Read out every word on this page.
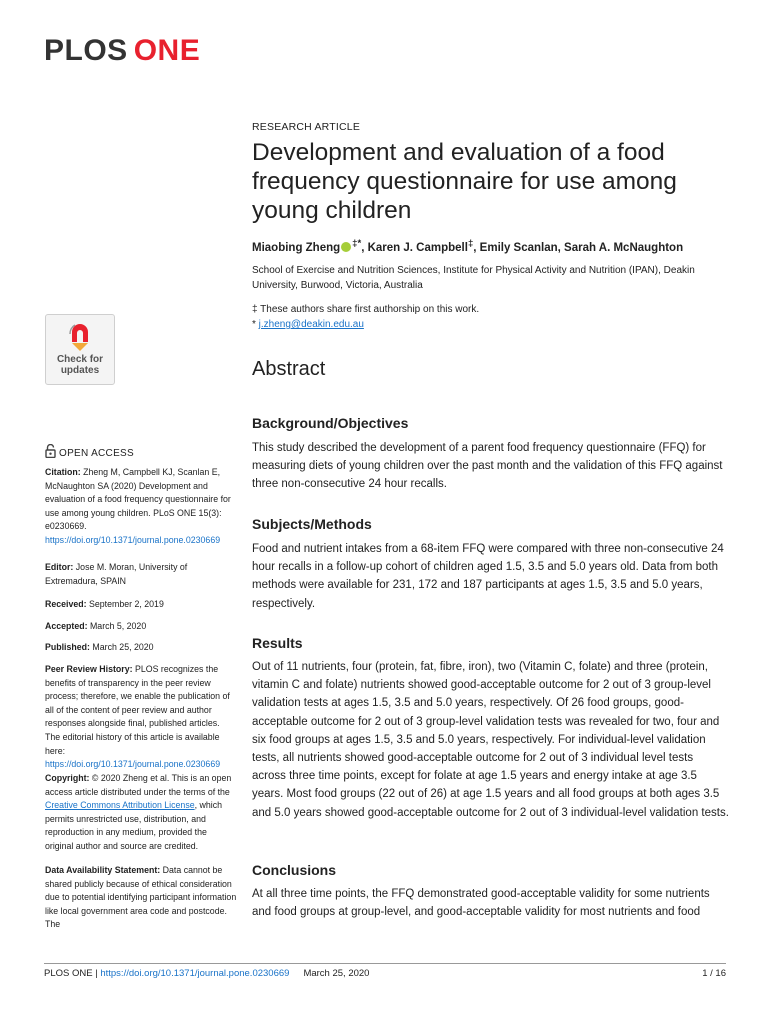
PLOS ONE
RESEARCH ARTICLE
Development and evaluation of a food frequency questionnaire for use among young children
Miaobing Zheng ‡*, Karen J. Campbell‡, Emily Scanlan, Sarah A. McNaughton
School of Exercise and Nutrition Sciences, Institute for Physical Activity and Nutrition (IPAN), Deakin University, Burwood, Victoria, Australia
‡ These authors share first authorship on this work.
* j.zheng@deakin.edu.au
Check for
updates	Abstract
Background/Objectives
This study described the development of a parent food frequency questionnaire (FFQ) for measuring diets of young children over the past month and the validation of this FFQ against three non-consecutive 24 hour recalls.
Subjects/Methods
Food and nutrient intakes from a 68-item FFQ were compared with three non-consecutive 24 hour recalls in a follow-up cohort of children aged 1.5, 3.5 and 5.0 years old. Data from both methods were available for 231, 172 and 187 participants at ages 1.5, 3.5 and 5.0 years, respectively.
Results
Out of 11 nutrients, four (protein, fat, fibre, iron), two (Vitamin C, folate) and three (protein, vitamin C and folate) nutrients showed good-acceptable outcome for 2 out of 3 group-level validation tests at ages 1.5, 3.5 and 5.0 years, respectively. Of 26 food groups, good-acceptable outcome for 2 out of 3 group-level validation tests was revealed for two, four and six food groups at ages 1.5, 3.5 and 5.0 years, respectively. For individual-level validation tests, all nutrients showed good-acceptable outcome for 2 out of 3 individual level tests across three time points, except for folate at age 1.5 years and energy intake at age 3.5 years. Most food groups (22 out of 26) at age 1.5 years and all food groups at both ages 3.5 and 5.0 years showed good-acceptable outcome for 2 out of 3 individual-level validation tests.
Conclusions
At all three time points, the FFQ demonstrated good-acceptable validity for some nutrients and food groups at group-level, and good-acceptable validity for most nutrients and food
OPEN ACCESS
Citation: Zheng M, Campbell KJ, Scanlan E, McNaughton SA (2020) Development and evaluation of a food frequency questionnaire for use among young children. PLoS ONE 15(3): e0230669. https://doi.org/10.1371/journal.pone.0230669
Editor: Jose M. Moran, University of Extremadura, SPAIN
Received: September 2, 2019
Accepted: March 5, 2020
Published: March 25, 2020
Peer Review History: PLOS recognizes the benefits of transparency in the peer review process; therefore, we enable the publication of all of the content of peer review and author responses alongside final, published articles. The editorial history of this article is available here: https://doi.org/10.1371/journal.pone.0230669
Copyright: © 2020 Zheng et al. This is an open access article distributed under the terms of the Creative Commons Attribution License, which permits unrestricted use, distribution, and reproduction in any medium, provided the original author and source are credited.
Data Availability Statement: Data cannot be shared publicly because of ethical consideration due to potential identifying participant information like local government area code and postcode. The
PLOS ONE | https://doi.org/10.1371/journal.pone.0230669 March 25, 2020	1 / 16
